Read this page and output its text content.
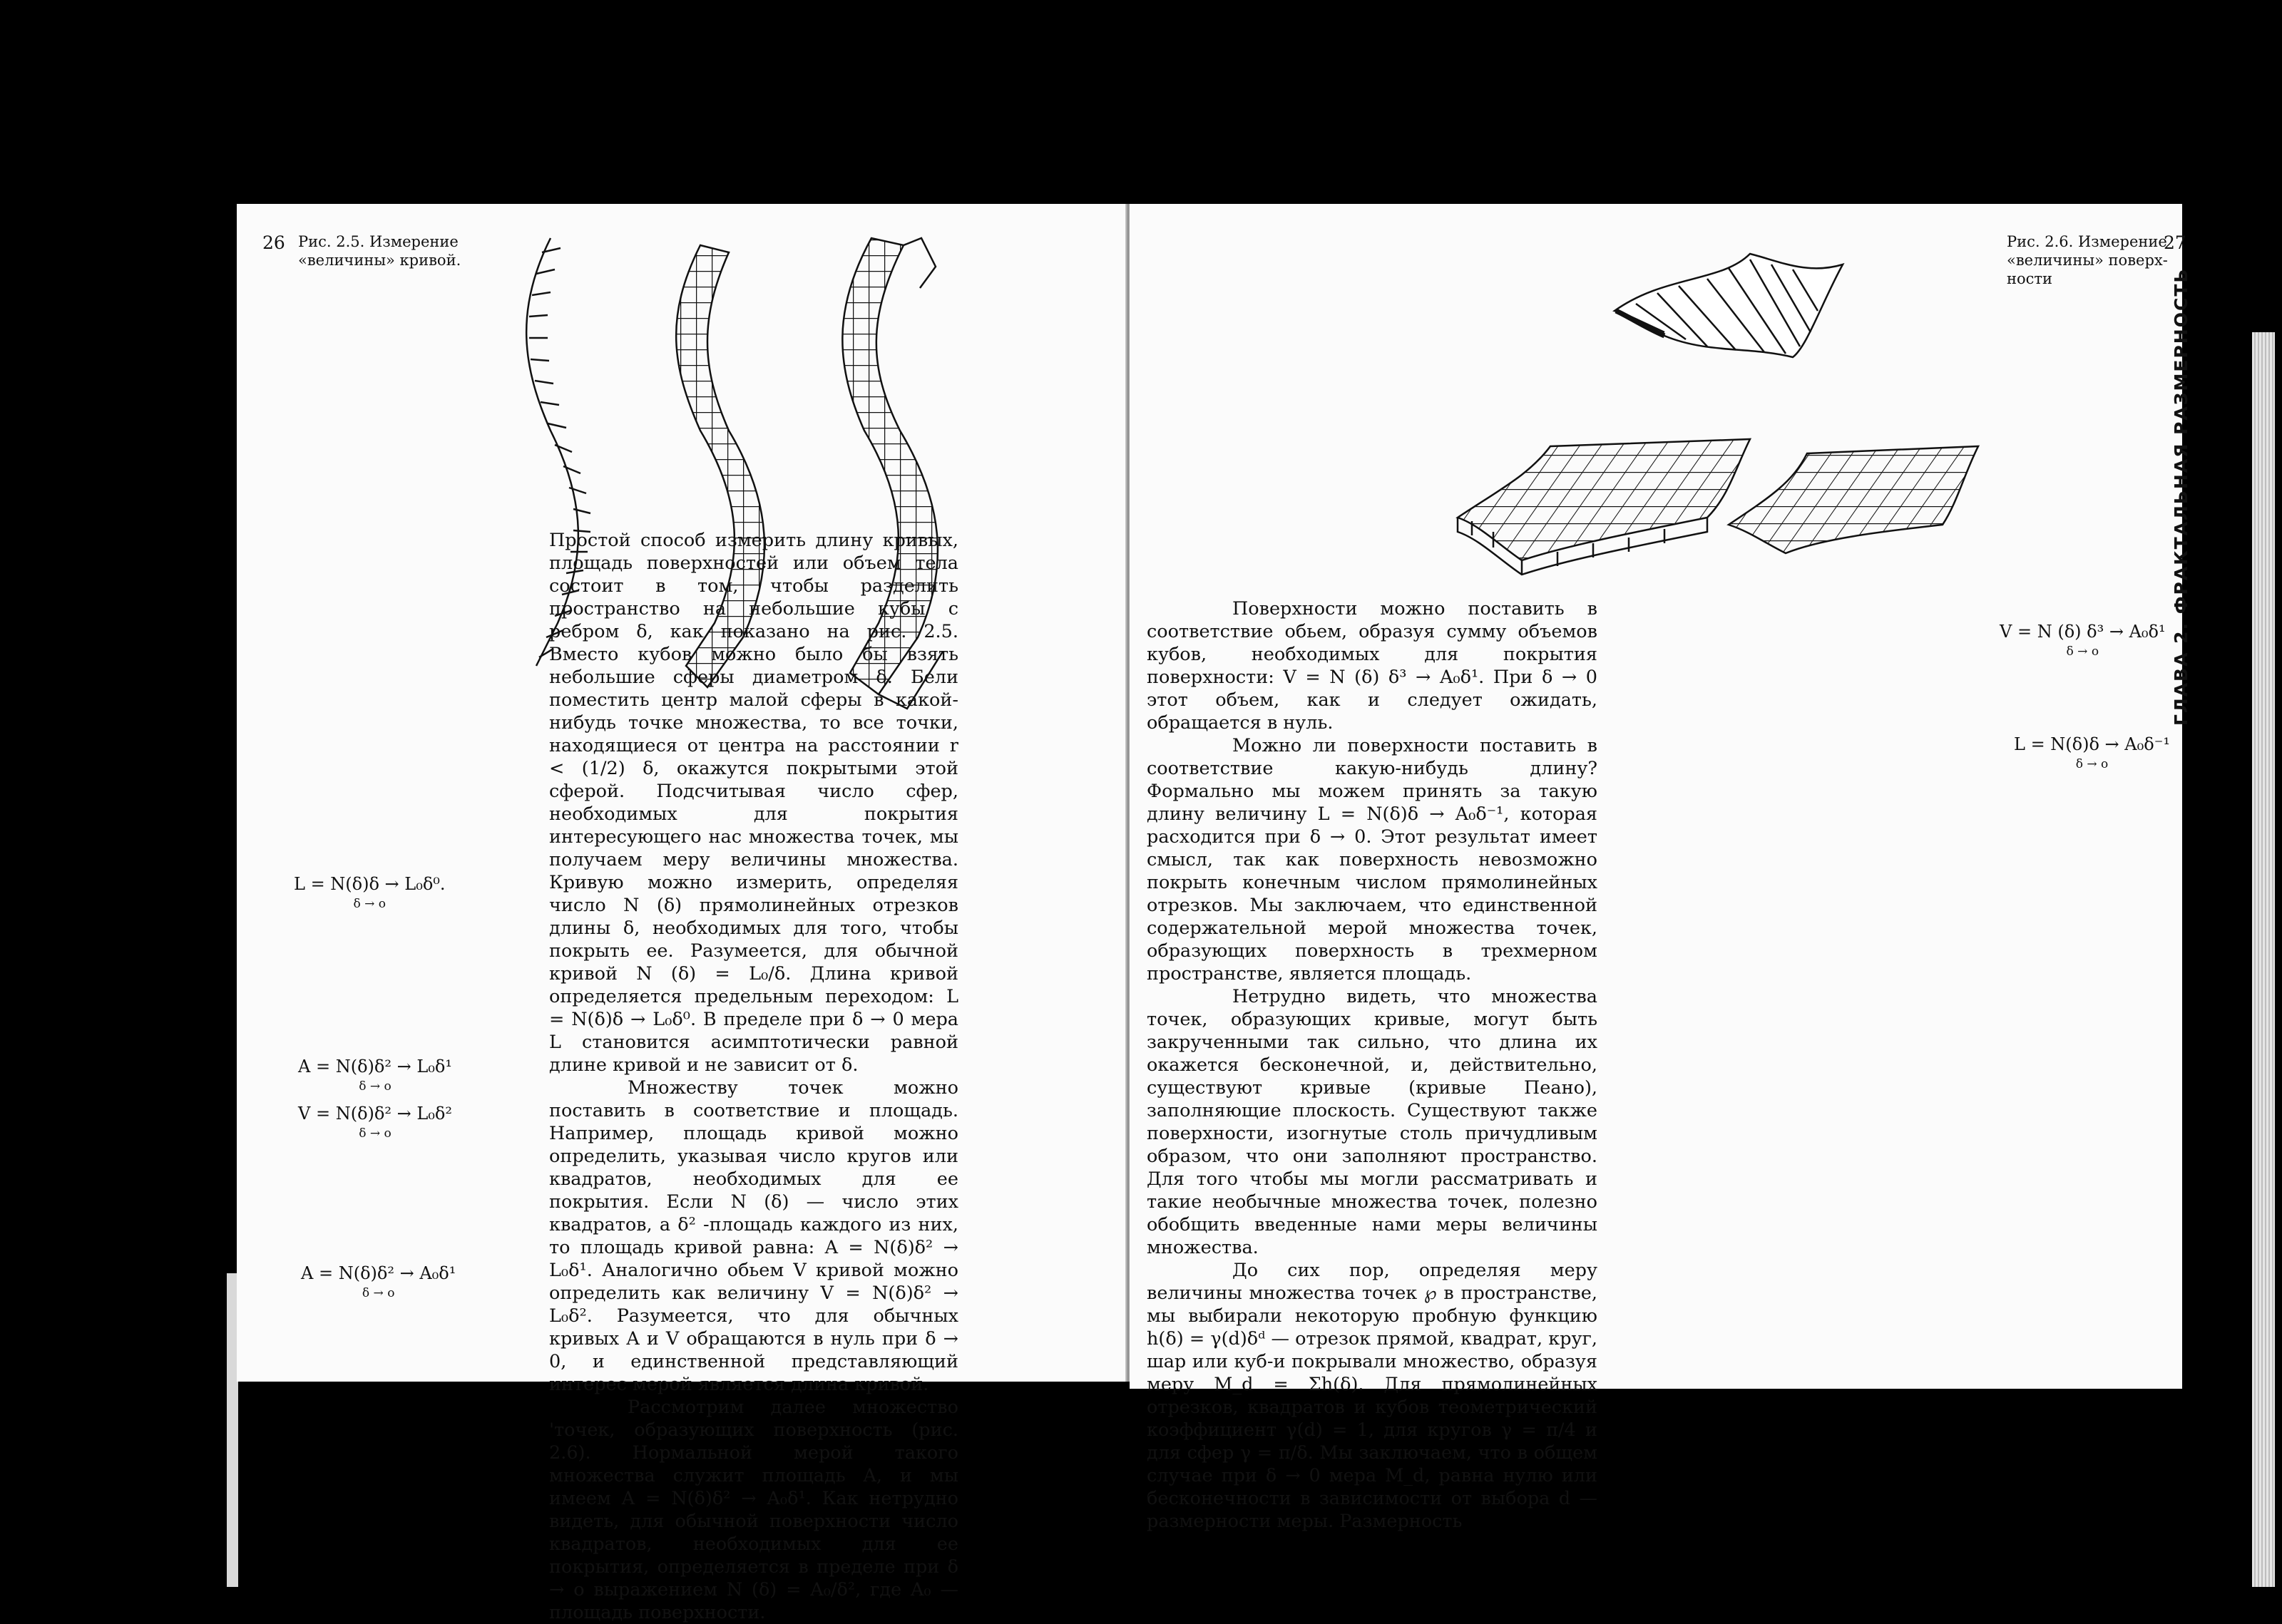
26 Рис. 2.5. Измерение
«величины» кривой.

Простой способ измерить длину кривых, площадь поверхностей или объем тела состоит в том, чтобы разделить пространство на небольшие кубы с ребром δ, как показано на рис. 2.5. Вместо кубов можно было бы взять небольшие сферы диаметром δ. Бели поместить центр малой сферы в какой-нибудь точке множества, то все точки, находящиеся от центра на расстоянии r < (1/2) δ, окажутся покрытыми этой сферой. Подсчитывая число сфер, необходимых для покрытия интересующего нас множества точек, мы получаем меру величины множества. Кривую можно измерить, определяя число N (δ) прямолинейных отрезков длины δ, необходимых для того, чтобы покрыть ее. Разумеется, для обычной кривой N (δ) = L₀/δ. Длина кривой определяется предельным переходом: L = N(δ)δ → L₀δ⁰. В пределе при δ → 0 мера L становится асимптотически равной длине кривой и не зависит от δ.

Множеству точек можно поставить в соответствие и площадь. Например, площадь кривой можно определить, указывая число кругов или квадратов, необходимых для ее покрытия. Если N (δ) — число этих квадратов, а δ² -площадь каждого из них, то площадь кривой равна: A = N(δ)δ² → L₀δ¹. Аналогично обьем V кривой можно определить как величину V = N(δ)δ² → L₀δ². Разумеется, что для обычных кривых A и V обращаются в нуль при δ → 0, и единственной представляющий интерес мерой является длина кривой.

Рассмотрим далее множество 'точек, образующих поверхность (рис. 2.6). Нормальной мерой такого множества служит площадь A, и мы имеем A = N(δ)δ² → A₀δ¹. Как нетрудно видеть, для обычной поверхности число квадратов, необходимых для ее покрытия, определяется в пределе при δ → о выражением N (δ) = A₀/δ², где A₀ — площадь поверхности.

L = N(δ)δ → L₀δ⁰.
δ → o
A = N(δ)δ² → L₀δ¹
δ → o
V = N(δ)δ² → L₀δ²
δ → o
A = N(δ)δ² → A₀δ¹
δ → o
Рис. 2.6. Измерение
«величины» поверх-
ности
27
ГЛАВА 2. ФРАКТАЛЬНАЯ РАЗМЕРНОСТЬ

Поверхности можно поставить в соответствие обьем, образуя сумму объемов кубов, необходимых для покрытия поверхности: V = N (δ) δ³ → A₀δ¹. При δ → 0 этот объем, как и следует ожидать, обращается в нуль.

Можно ли поверхности поставить в соответствие какую-нибудь длину? Формально мы можем принять за такую длину величину L = N(δ)δ → A₀δ⁻¹, которая расходится при δ → 0. Этот результат имеет смысл, так как поверхность невозможно покрыть конечным числом прямолинейных отрезков. Мы заключаем, что единственной содержательной мерой множества точек, образующих поверхность в трехмерном пространстве, является площадь.

Нетрудно видеть, что множества точек, образующих кривые, могут быть закрученными так сильно, что длина их окажется бесконечной, и, действительно, существуют кривые (кривые Пеано), заполняющие плоскость. Существуют также поверхности, изогнутые столь причудливым образом, что они заполняют пространство. Для того чтобы мы могли рассматривать и такие необычные множества точек, полезно обобщить введенные нами меры величины множества.

До сих пор, определяя меру величины множества точек ℘ в пространстве, мы выбирали некоторую пробную функцию h(δ) = γ(d)δᵈ — отрезок прямой, квадрат, круг, шар или куб-и покрывали множество, образуя меру M_d = Σh(δ). Для прямолинейных отрезков, квадратов и кубов теометрический коэффициент γ(d) = 1, для кругов γ = π/4 и для сфер γ = π/δ. Мы заключаем, что в общем случае при δ → 0 мера M_d, равна нулю или бесконечности в зависимости от выбора d — размерности меры. Размерность

V = N (δ) δ³ → A₀δ¹
δ → o
L = N(δ)δ → A₀δ⁻¹
δ → o
